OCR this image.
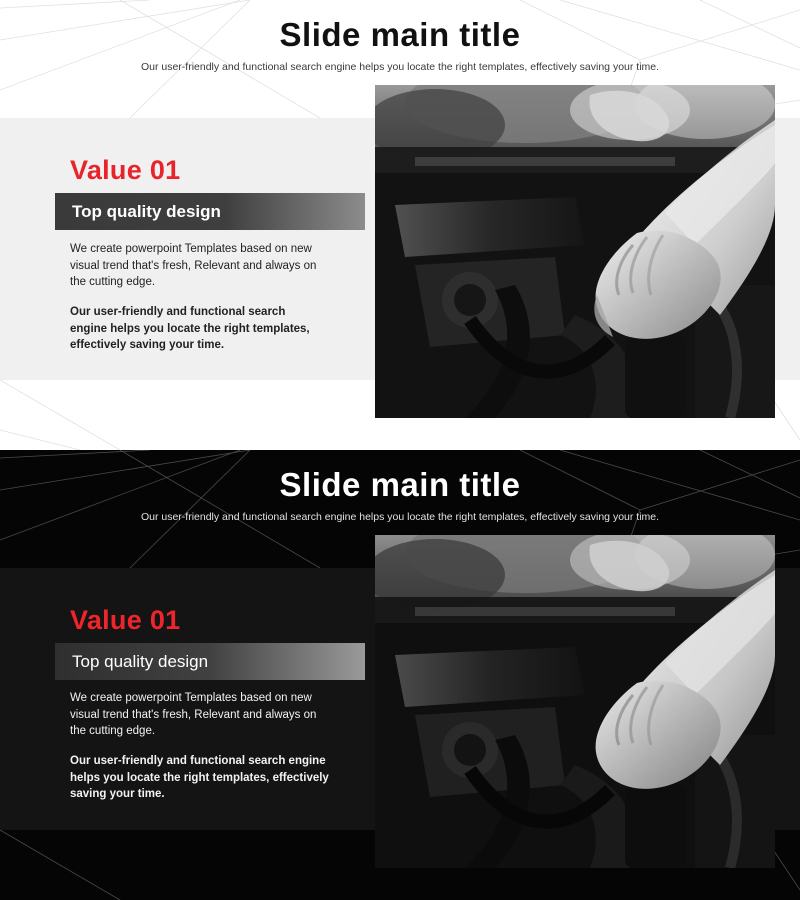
Slide main title
Our user-friendly and functional search engine helps you locate the right templates, effectively saving your time.
Value 01
Top quality design

We create powerpoint Templates based on new visual trend that's fresh, Relevant and always on the cutting edge.

Our user-friendly and functional search engine helps you locate the right templates, effectively saving your time.

Slide main title
Our user-friendly and functional search engine helps you locate the right templates, effectively saving your time.
Value 01
Top quality design

We create powerpoint Templates based on new visual trend that's fresh, Relevant and always on the cutting edge.

Our user-friendly and functional search engine helps you locate the right templates, effectively saving your time.
